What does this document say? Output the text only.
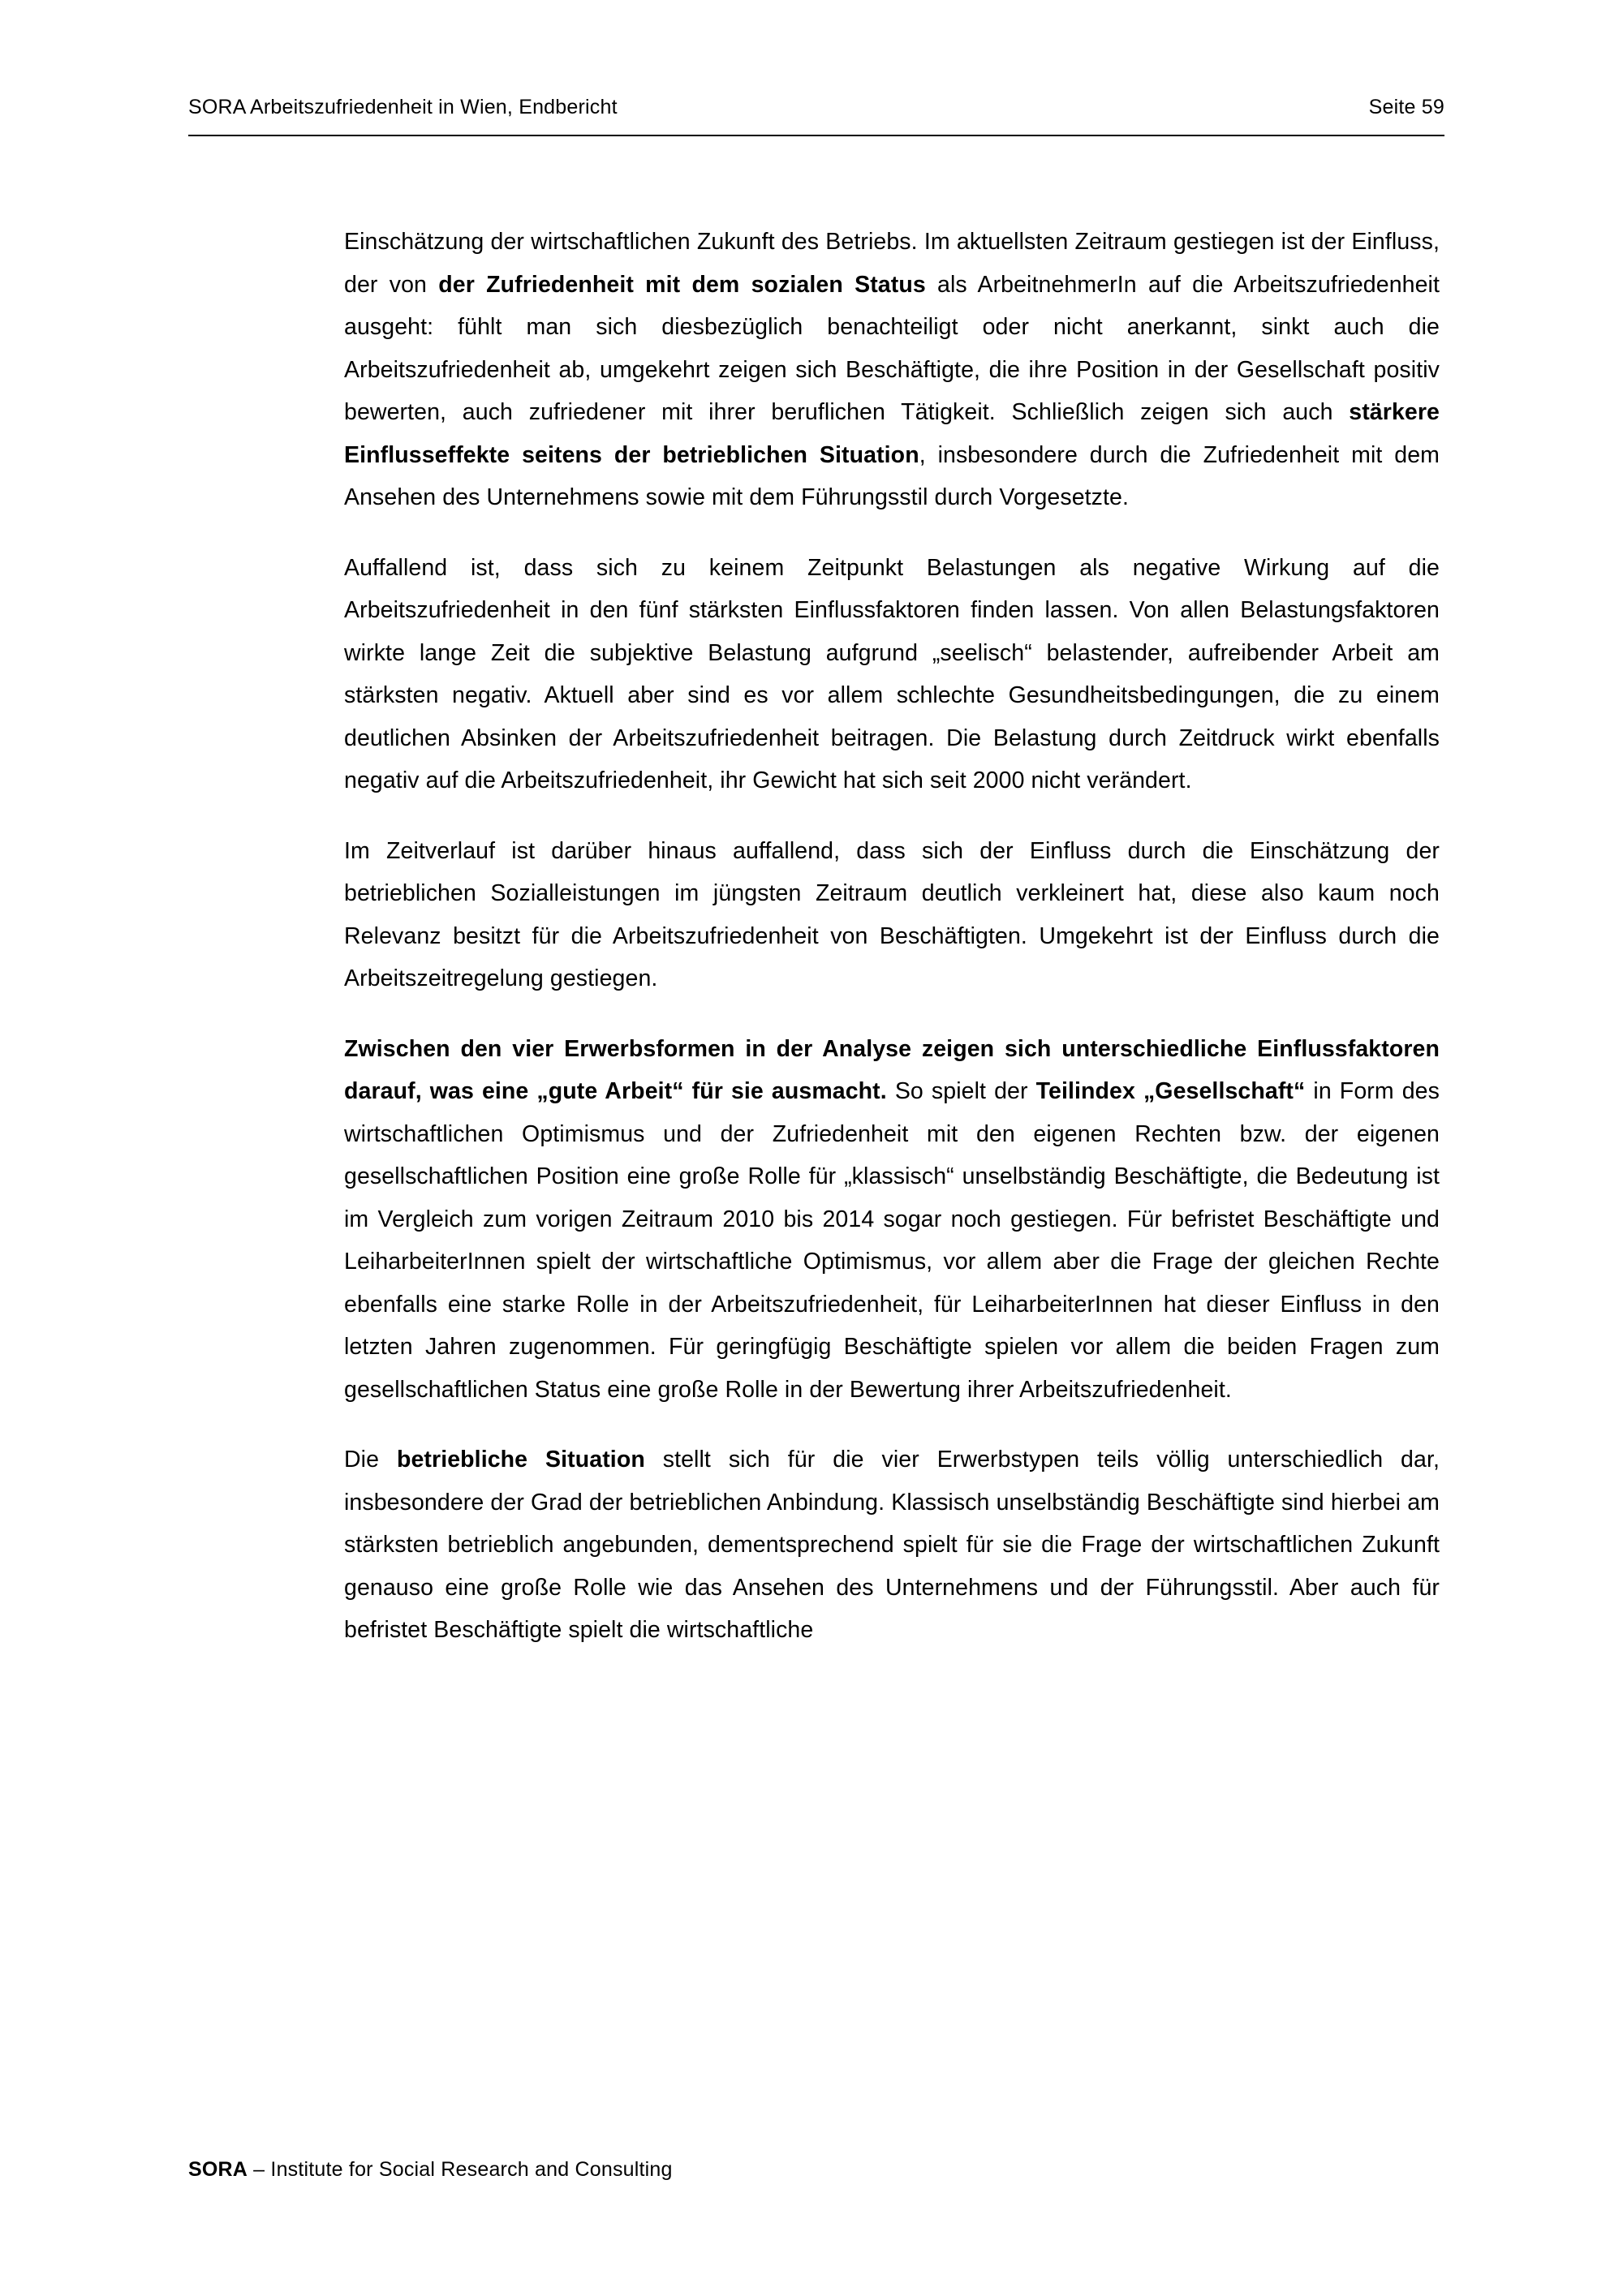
SORA Arbeitszufriedenheit in Wien, Endbericht	Seite 59

Einschätzung der wirtschaftlichen Zukunft des Betriebs. Im aktuellsten Zeitraum gestiegen ist der Einfluss, der von der Zufriedenheit mit dem sozialen Status als ArbeitnehmerIn auf die Arbeitszufriedenheit ausgeht: fühlt man sich diesbezüglich benachteiligt oder nicht anerkannt, sinkt auch die Arbeitszufriedenheit ab, umgekehrt zeigen sich Beschäftigte, die ihre Position in der Gesellschaft positiv bewerten, auch zufriedener mit ihrer beruflichen Tätigkeit. Schließlich zeigen sich auch stärkere Einflusseffekte seitens der betrieblichen Situation, insbesondere durch die Zufriedenheit mit dem Ansehen des Unternehmens sowie mit dem Führungsstil durch Vorgesetzte.

Auffallend ist, dass sich zu keinem Zeitpunkt Belastungen als negative Wirkung auf die Arbeitszufriedenheit in den fünf stärksten Einflussfaktoren finden lassen. Von allen Belastungsfaktoren wirkte lange Zeit die subjektive Belastung aufgrund „seelisch“ belastender, aufreibender Arbeit am stärksten negativ. Aktuell aber sind es vor allem schlechte Gesundheitsbedingungen, die zu einem deutlichen Absinken der Arbeitszufriedenheit beitragen. Die Belastung durch Zeitdruck wirkt ebenfalls negativ auf die Arbeitszufriedenheit, ihr Gewicht hat sich seit 2000 nicht verändert.

Im Zeitverlauf ist darüber hinaus auffallend, dass sich der Einfluss durch die Einschätzung der betrieblichen Sozialleistungen im jüngsten Zeitraum deutlich verkleinert hat, diese also kaum noch Relevanz besitzt für die Arbeitszufriedenheit von Beschäftigten. Umgekehrt ist der Einfluss durch die Arbeitszeitregelung gestiegen.

Zwischen den vier Erwerbsformen in der Analyse zeigen sich unterschiedliche Einflussfaktoren darauf, was eine „gute Arbeit“ für sie ausmacht. So spielt der Teilindex „Gesellschaft“ in Form des wirtschaftlichen Optimismus und der Zufriedenheit mit den eigenen Rechten bzw. der eigenen gesellschaftlichen Position eine große Rolle für „klassisch“ unselbständig Beschäftigte, die Bedeutung ist im Vergleich zum vorigen Zeitraum 2010 bis 2014 sogar noch gestiegen. Für befristet Beschäftigte und LeiharbeiterInnen spielt der wirtschaftliche Optimismus, vor allem aber die Frage der gleichen Rechte ebenfalls eine starke Rolle in der Arbeitszufriedenheit, für LeiharbeiterInnen hat dieser Einfluss in den letzten Jahren zugenommen. Für geringfügig Beschäftigte spielen vor allem die beiden Fragen zum gesellschaftlichen Status eine große Rolle in der Bewertung ihrer Arbeitszufriedenheit.

Die betriebliche Situation stellt sich für die vier Erwerbstypen teils völlig unterschiedlich dar, insbesondere der Grad der betrieblichen Anbindung. Klassisch unselbständig Beschäftigte sind hierbei am stärksten betrieblich angebunden, dementsprechend spielt für sie die Frage der wirtschaftlichen Zukunft genauso eine große Rolle wie das Ansehen des Unternehmens und der Führungsstil. Aber auch für befristet Beschäftigte spielt die wirtschaftliche

SORA – Institute for Social Research and Consulting
